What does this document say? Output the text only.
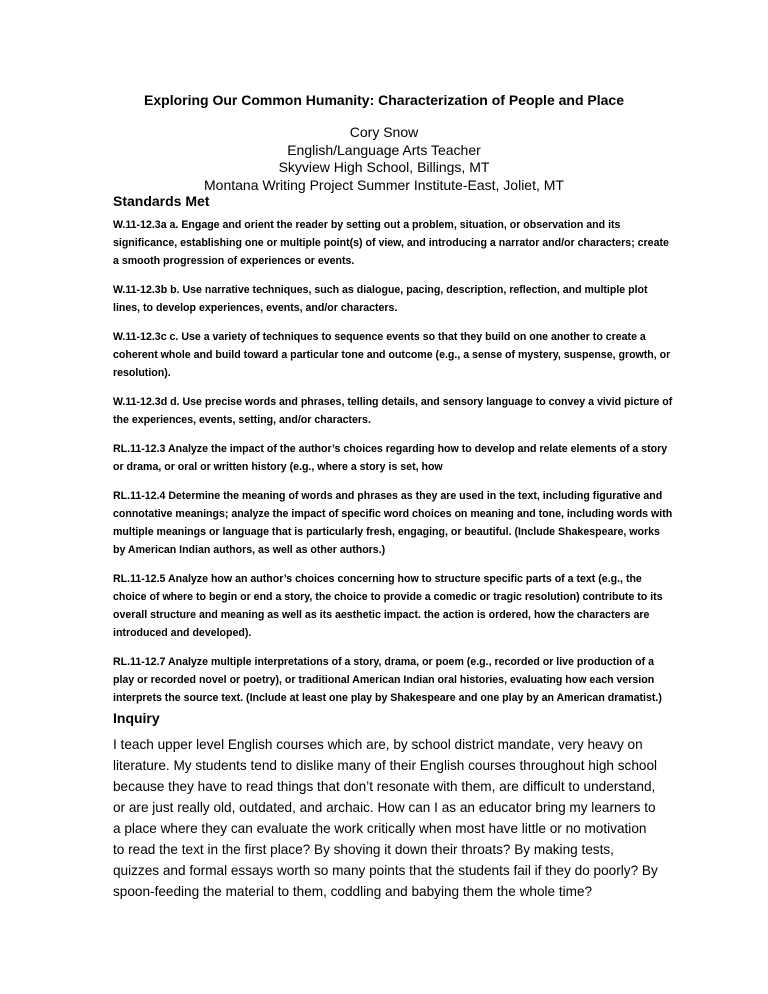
Exploring Our Common Humanity: Characterization of People and Place
Cory Snow
English/Language Arts Teacher
Skyview High School, Billings, MT
Montana Writing Project Summer Institute-East, Joliet, MT
Standards Met

W.11-12.3a a. Engage and orient the reader by setting out a problem, situation, or observation and its significance, establishing one or multiple point(s) of view, and introducing a narrator and/or characters; create a smooth progression of experiences or events.

W.11-12.3b b. Use narrative techniques, such as dialogue, pacing, description, reflection, and multiple plot lines, to develop experiences, events, and/or characters.

W.11-12.3c c. Use a variety of techniques to sequence events so that they build on one another to create a coherent whole and build toward a particular tone and outcome (e.g., a sense of mystery, suspense, growth, or resolution).

W.11-12.3d d. Use precise words and phrases, telling details, and sensory language to convey a vivid picture of the experiences, events, setting, and/or characters.

RL.11-12.3 Analyze the impact of the author’s choices regarding how to develop and relate elements of a story or drama, or oral or written history (e.g., where a story is set, how

RL.11-12.4 Determine the meaning of words and phrases as they are used in the text, including figurative and connotative meanings; analyze the impact of specific word choices on meaning and tone, including words with multiple meanings or language that is particularly fresh, engaging, or beautiful. (Include Shakespeare, works by American Indian authors, as well as other authors.)

RL.11-12.5 Analyze how an author’s choices concerning how to structure specific parts of a text (e.g., the choice of where to begin or end a story, the choice to provide a comedic or tragic resolution) contribute to its overall structure and meaning as well as its aesthetic impact. the action is ordered, how the characters are introduced and developed).

RL.11-12.7 Analyze multiple interpretations of a story, drama, or poem (e.g., recorded or live production of a play or recorded novel or poetry), or traditional American Indian oral histories, evaluating how each version interprets the source text. (Include at least one play by Shakespeare and one play by an American dramatist.)

Inquiry

I teach upper level English courses which are, by school district mandate, very heavy on literature. My students tend to dislike many of their English courses throughout high school because they have to read things that don’t resonate with them, are difficult to understand, or are just really old, outdated, and archaic. How can I as an educator bring my learners to a place where they can evaluate the work critically when most have little or no motivation to read the text in the first place? By shoving it down their throats? By making tests, quizzes and formal essays worth so many points that the students fail if they do poorly? By spoon-feeding the material to them, coddling and babying them the whole time?
